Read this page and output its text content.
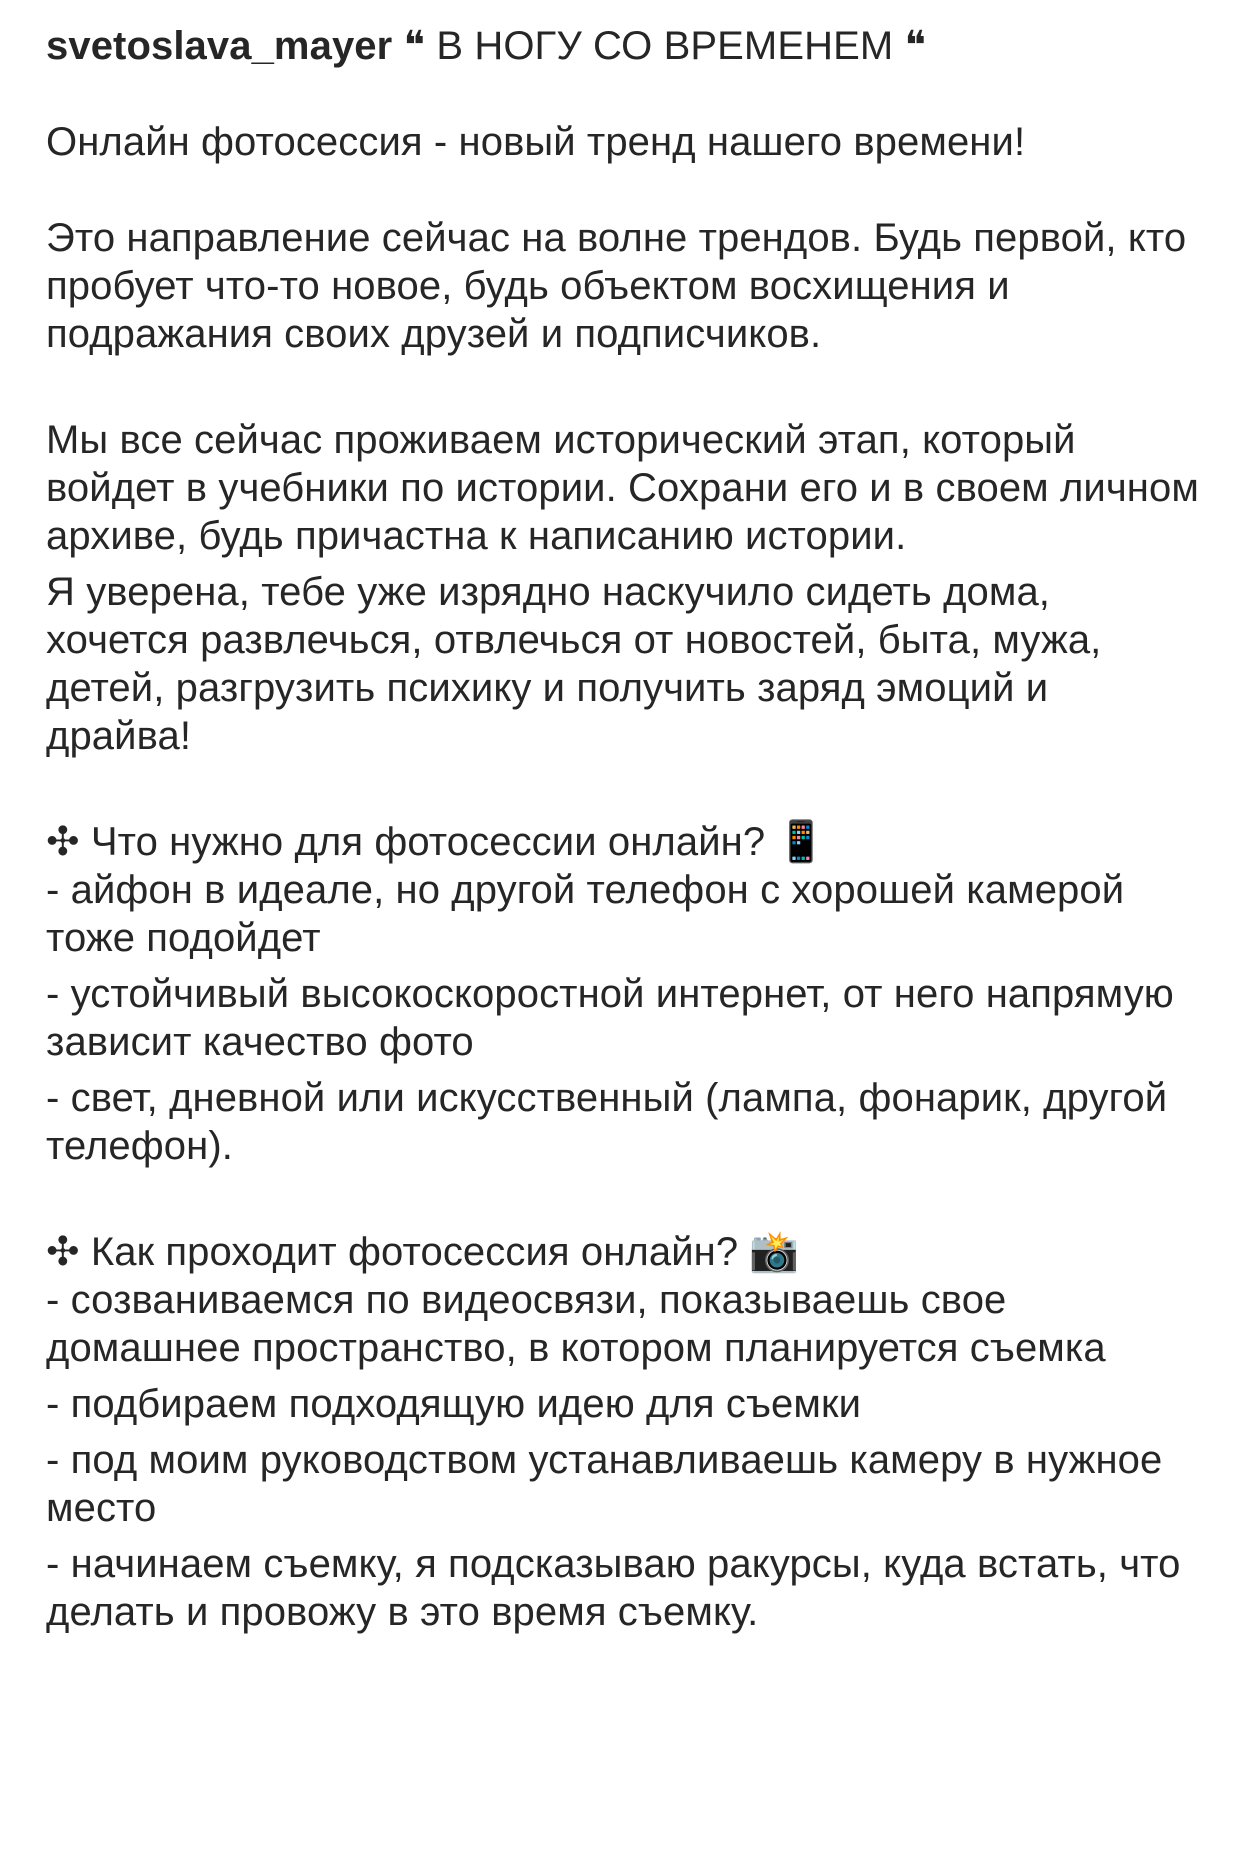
svetoslava_mayer ❝ В НОГУ СО ВРЕМЕНЕМ ❝

Онлайн фотосессия - новый тренд нашего времени!

Это направление сейчас на волне трендов. Будь первой, кто пробует что-то новое, будь объектом восхищения и подражания своих друзей и подписчиков.

Мы все сейчас проживаем исторический этап, который войдет в учебники по истории. Сохрани его и в своем личном архиве, будь причастна к написанию истории.

Я уверена, тебе уже изрядно наскучило сидеть дома, хочется развлечься, отвлечься от новостей, быта, мужа, детей, разгрузить психику и получить заряд эмоций и драйва!

✣ Что нужно для фотосессии онлайн? 📱

- айфон в идеале, но другой телефон с хорошей камерой тоже подойдет

- устойчивый высокоскоростной интернет, от него напрямую зависит качество фото

- свет, дневной или искусственный (лампа, фонарик, другой телефон).

✣ Как проходит фотосессия онлайн? 📸

- созваниваемся по видеосвязи, показываешь свое домашнее пространство, в котором планируется съемка

- подбираем подходящую идею для съемки

- под моим руководством устанавливаешь камеру в нужное место

- начинаем съемку, я подсказываю ракурсы, куда встать, что делать и провожу в это время съемку.
